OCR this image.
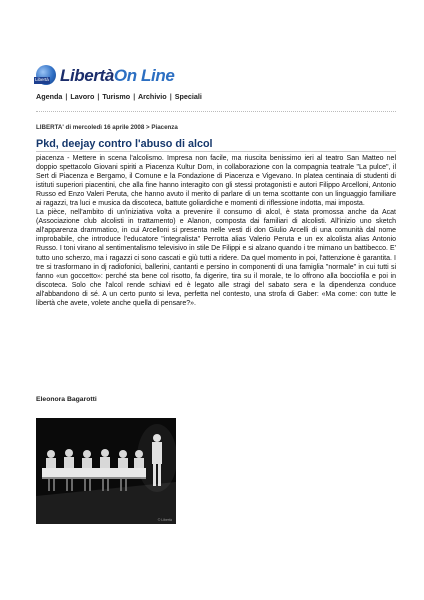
Libertà LibertàOn Line
Agenda | Lavoro | Turismo | Archivio | Speciali
LIBERTA' di mercoledì 16 aprile 2008 > Piacenza
Pkd, deejay contro l'abuso di alcol

piacenza - Mettere in scena l'alcolismo. Impresa non facile, ma riuscita benissimo ieri al teatro San Matteo nel doppio spettacolo Giovani spiriti a Piacenza Kultur Dom, in collaborazione con la compagnia teatrale "La pulce", il Sert di Piacenza e Bergamo, il Comune e la Fondazione di Piacenza e Vigevano. In platea centinaia di studenti di istituti superiori piacentini, che alla fine hanno interagito con gli stessi protagonisti e autori Filippo Arcelloni, Antonio Russo ed Enzo Valeri Peruta, che hanno avuto il merito di parlare di un tema scottante con un linguaggio familiare ai ragazzi, tra luci e musica da discoteca, battute goliardiche e momenti di riflessione indotta, mai imposta.

La pièce, nell'ambito di un'iniziativa volta a prevenire il consumo di alcol, è stata promossa anche da Acat (Associazione club alcolisti in trattamento) e Alanon, composta dai familiari di alcolisti. All'inizio uno sketch all'apparenza drammatico, in cui Arcelloni si presenta nelle vesti di don Giulio Arcelli di una comunità dal nome improbabile, che introduce l'educatore "integralista" Perrotta alias Valerio Peruta e un ex alcolista alias Antonio Russo. I toni virano al sentimentalismo televisivo in stile De Filippi e si alzano quando i tre mimano un battibecco. E' tutto uno scherzo, ma i ragazzi ci sono cascati e giù tutti a ridere. Da quel momento in poi, l'attenzione è garantita. I tre si trasformano in dj radiofonici, ballerini, cantanti e persino in componenti di una famiglia "normale" in cui tutti si fanno «un goccetto»: perché sta bene col risotto, fa digerire, tira su il morale, te lo offrono alla bocciofila e poi in discoteca. Solo che l'alcol rende schiavi ed è legato alle stragi del sabato sera e la dipendenza conduce all'abbandono di sé. A un certo punto si leva, perfetta nel contesto, una strofa di Gaber: «Ma come: con tutte le libertà che avete, volete anche quella di pensare?».

Eleonora Bagarotti
© Libertà
